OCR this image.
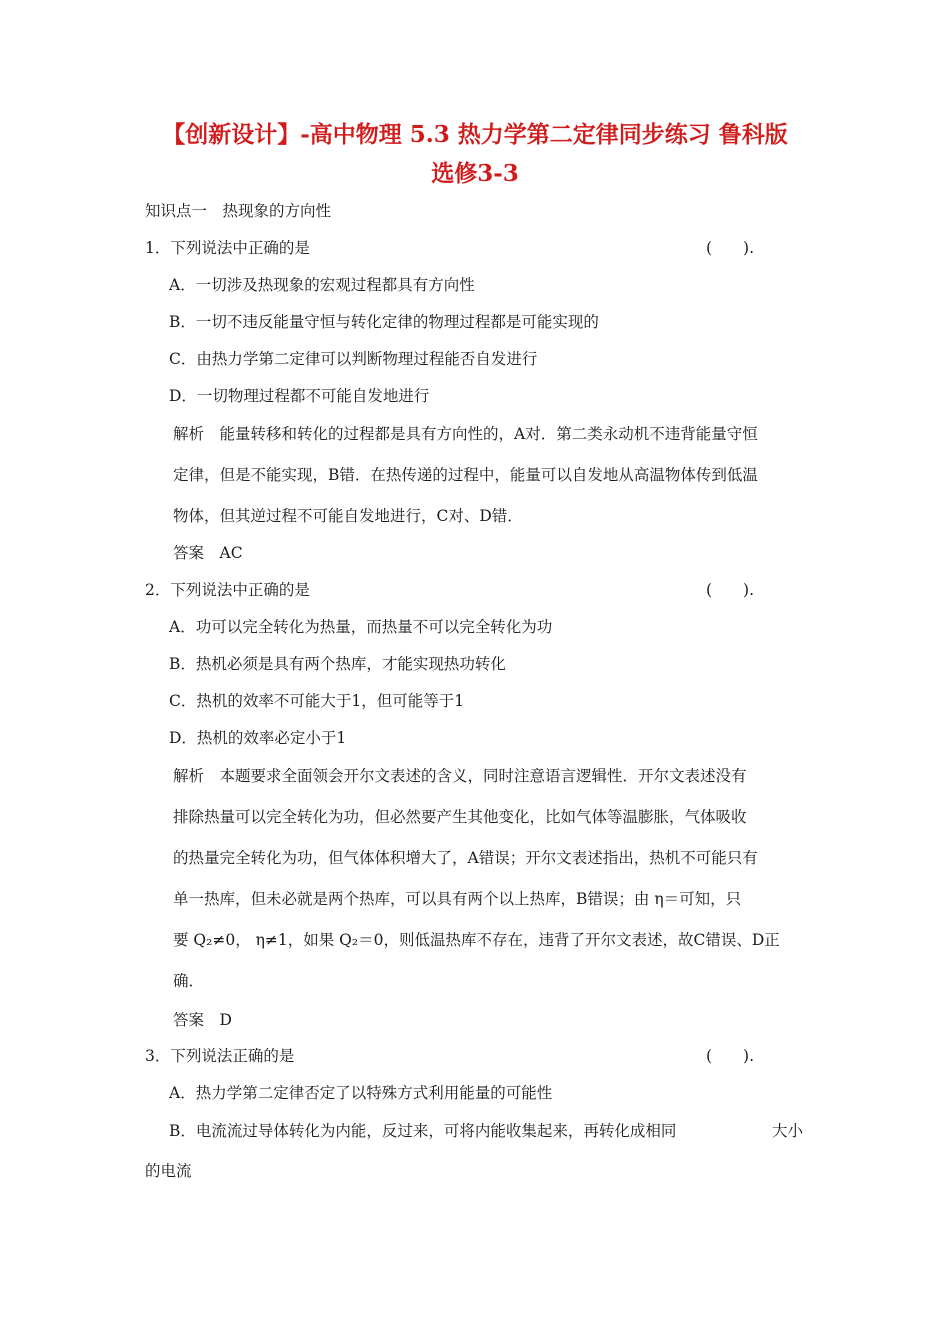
【创新设计】-高中物理 5.3 热力学第二定律同步练习 鲁科版
选修3-3
知识点一　热现象的方向性
1．下列说法中正确的是	(　　).
A．一切涉及热现象的宏观过程都具有方向性
B．一切不违反能量守恒与转化定律的物理过程都是可能实现的
C．由热力学第二定律可以判断物理过程能否自发进行
D．一切物理过程都不可能自发地进行
解析　能量转移和转化的过程都是具有方向性的，A对．第二类永动机不违背能量守恒
定律，但是不能实现，B错．在热传递的过程中，能量可以自发地从高温物体传到低温
物体，但其逆过程不可能自发地进行，C对、D错．
答案　AC
2．下列说法中正确的是	(　　).
A．功可以完全转化为热量，而热量不可以完全转化为功
B．热机必须是具有两个热库，才能实现热功转化
C．热机的效率不可能大于1，但可能等于1
D．热机的效率必定小于1
解析　本题要求全面领会开尔文表述的含义，同时注意语言逻辑性．开尔文表述没有
排除热量可以完全转化为功，但必然要产生其他变化，比如气体等温膨胀，气体吸收
的热量完全转化为功，但气体体积增大了，A错误；开尔文表述指出，热机不可能只有
单一热库，但未必就是两个热库，可以具有两个以上热库，B错误；由 η＝可知，只
要 Q₂≠0， η≠1，如果 Q₂＝0，则低温热库不存在，违背了开尔文表述，故C错误、D正
确．
答案　D
3．下列说法正确的是	(　　).
A．热力学第二定律否定了以特殊方式利用能量的可能性
B．电流流过导体转化为内能，反过来，可将内能收集起来，再转化成相同	大小
的电流
